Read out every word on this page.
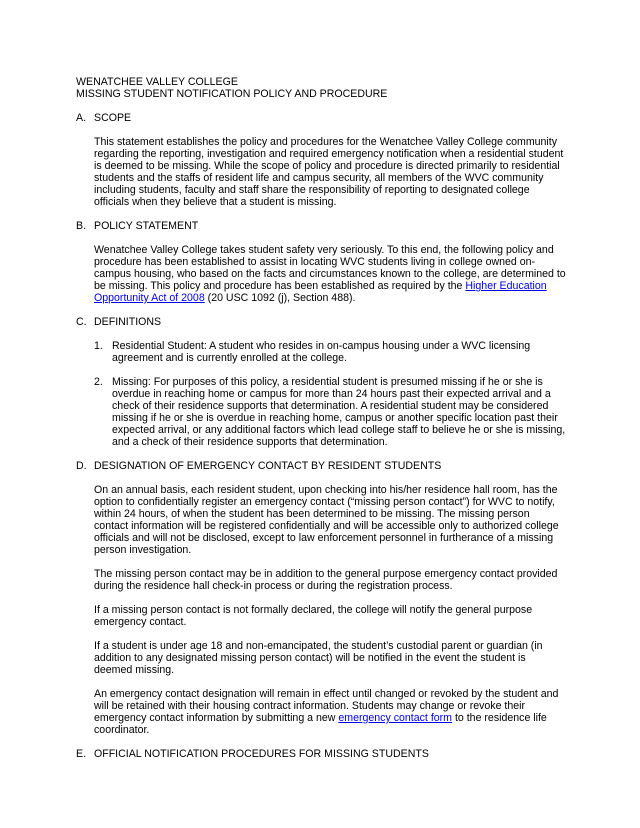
WENATCHEE VALLEY COLLEGE
MISSING STUDENT NOTIFICATION POLICY AND PROCEDURE
A. SCOPE
This statement establishes the policy and procedures for the Wenatchee Valley College community regarding the reporting, investigation and required emergency notification when a residential student is deemed to be missing. While the scope of policy and procedure is directed primarily to residential students and the staffs of resident life and campus security, all members of the WVC community including students, faculty and staff share the responsibility of reporting to designated college officials when they believe that a student is missing.
B. POLICY STATEMENT
Wenatchee Valley College takes student safety very seriously. To this end, the following policy and procedure has been established to assist in locating WVC students living in college owned on-campus housing, who based on the facts and circumstances known to the college, are determined to be missing. This policy and procedure has been established as required by the Higher Education Opportunity Act of 2008 (20 USC 1092 (j), Section 488).
C. DEFINITIONS
1. Residential Student: A student who resides in on-campus housing under a WVC licensing agreement and is currently enrolled at the college.
2. Missing: For purposes of this policy, a residential student is presumed missing if he or she is overdue in reaching home or campus for more than 24 hours past their expected arrival and a check of their residence supports that determination. A residential student may be considered missing if he or she is overdue in reaching home, campus or another specific location past their expected arrival, or any additional factors which lead college staff to believe he or she is missing, and a check of their residence supports that determination.
D. DESIGNATION OF EMERGENCY CONTACT BY RESIDENT STUDENTS
On an annual basis, each resident student, upon checking into his/her residence hall room, has the option to confidentially register an emergency contact (“missing person contact”) for WVC to notify, within 24 hours, of when the student has been determined to be missing. The missing person contact information will be registered confidentially and will be accessible only to authorized college officials and will not be disclosed, except to law enforcement personnel in furtherance of a missing person investigation.
The missing person contact may be in addition to the general purpose emergency contact provided during the residence hall check-in process or during the registration process.
If a missing person contact is not formally declared, the college will notify the general purpose emergency contact.
If a student is under age 18 and non-emancipated, the student’s custodial parent or guardian (in addition to any designated missing person contact) will be notified in the event the student is deemed missing.
An emergency contact designation will remain in effect until changed or revoked by the student and will be retained with their housing contract information. Students may change or revoke their emergency contact information by submitting a new emergency contact form to the residence life coordinator.
E. OFFICIAL NOTIFICATION PROCEDURES FOR MISSING STUDENTS
